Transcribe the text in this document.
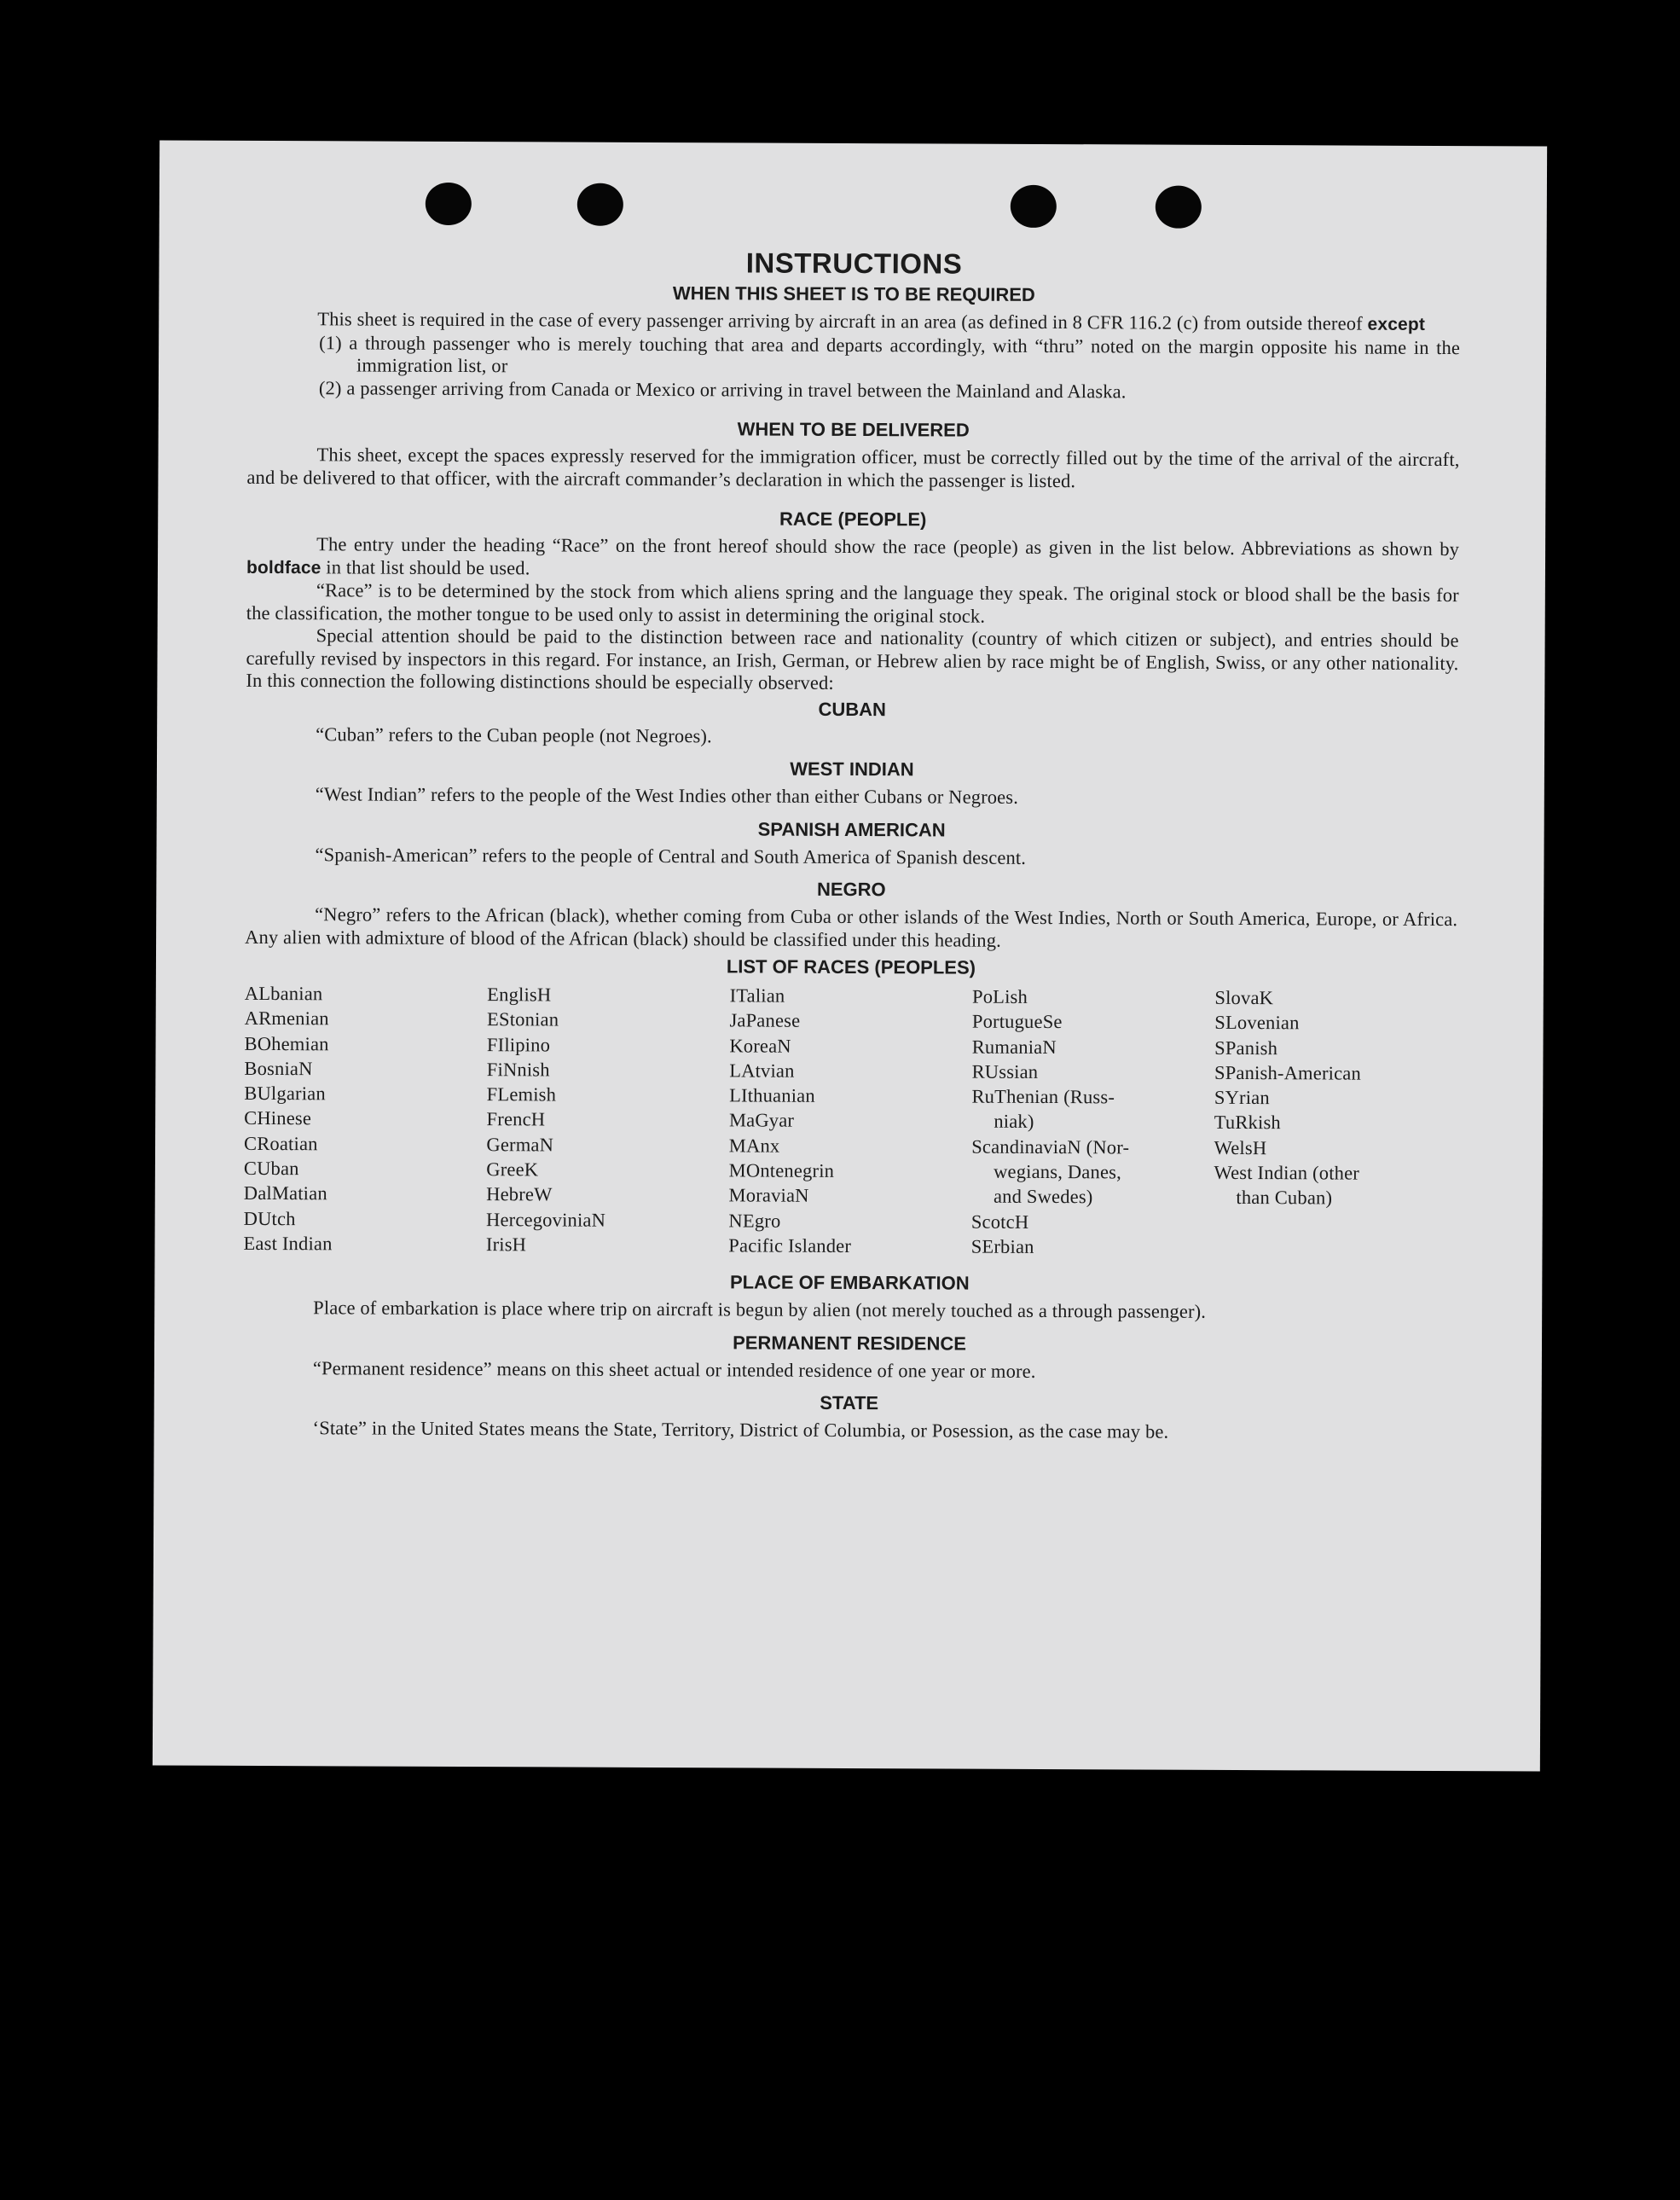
INSTRUCTIONS
WHEN THIS SHEET IS TO BE REQUIRED

This sheet is required in the case of every passenger arriving by aircraft in an area (as defined in 8 CFR 116.2 (c) from outside thereof except

(1) a through passenger who is merely touching that area and departs accordingly, with “thru” noted on the margin opposite his name in the immigration list, or
(2) a passenger arriving from Canada or Mexico or arriving in travel between the Mainland and Alaska.
WHEN TO BE DELIVERED

This sheet, except the spaces expressly reserved for the immigration officer, must be correctly filled out by the time of the arrival of the aircraft, and be delivered to that officer, with the aircraft commander’s declaration in which the passenger is listed.

RACE (PEOPLE)

The entry under the heading “Race” on the front hereof should show the race (people) as given in the list below. Abbreviations as shown by boldface in that list should be used.

“Race” is to be determined by the stock from which aliens spring and the language they speak. The original stock or blood shall be the basis for the classification, the mother tongue to be used only to assist in determining the original stock.

Special attention should be paid to the distinction between race and nationality (country of which citizen or subject), and entries should be carefully revised by inspectors in this regard. For instance, an Irish, German, or Hebrew alien by race might be of English, Swiss, or any other nationality. In this connection the following distinctions should be especially observed:

CUBAN

“Cuban” refers to the Cuban people (not Negroes).

WEST INDIAN

“West Indian” refers to the people of the West Indies other than either Cubans or Negroes.

SPANISH AMERICAN

“Spanish-American” refers to the people of Central and South America of Spanish descent.

NEGRO

“Negro” refers to the African (black), whether coming from Cuba or other islands of the West Indies, North or South America, Europe, or Africa. Any alien with admixture of blood of the African (black) should be classified under this heading.

LIST OF RACES (PEOPLES)
ALbanian
ARmenian
BOhemian
BosniaN
BUlgarian
CHinese
CRoatian
CUban
DalMatian
DUtch
East Indian
EnglisH
EStonian
FIlipino
FiNnish
FLemish
FrencH
GermaN
GreeK
HebreW
HercegoviniaN
IrisH
ITalian
JaPanese
KoreaN
LAtvian
LIthuanian
MaGyar
MAnx
MOntenegrin
MoraviaN
NEgro
Pacific Islander
PoLish
PortugueSe
RumaniaN
RUssian
RuThenian (Russ-
niak)
ScandinaviaN (Nor-
wegians, Danes,
and Swedes)
ScotcH
SErbian
SlovaK
SLovenian
SPanish
SPanish-American
SYrian
TuRkish
WelsH
West Indian (other
than Cuban)
PLACE OF EMBARKATION

Place of embarkation is place where trip on aircraft is begun by alien (not merely touched as a through passenger).

PERMANENT RESIDENCE

“Permanent residence” means on this sheet actual or intended residence of one year or more.

STATE

‘State” in the United States means the State, Territory, District of Columbia, or Posession, as the case may be.
